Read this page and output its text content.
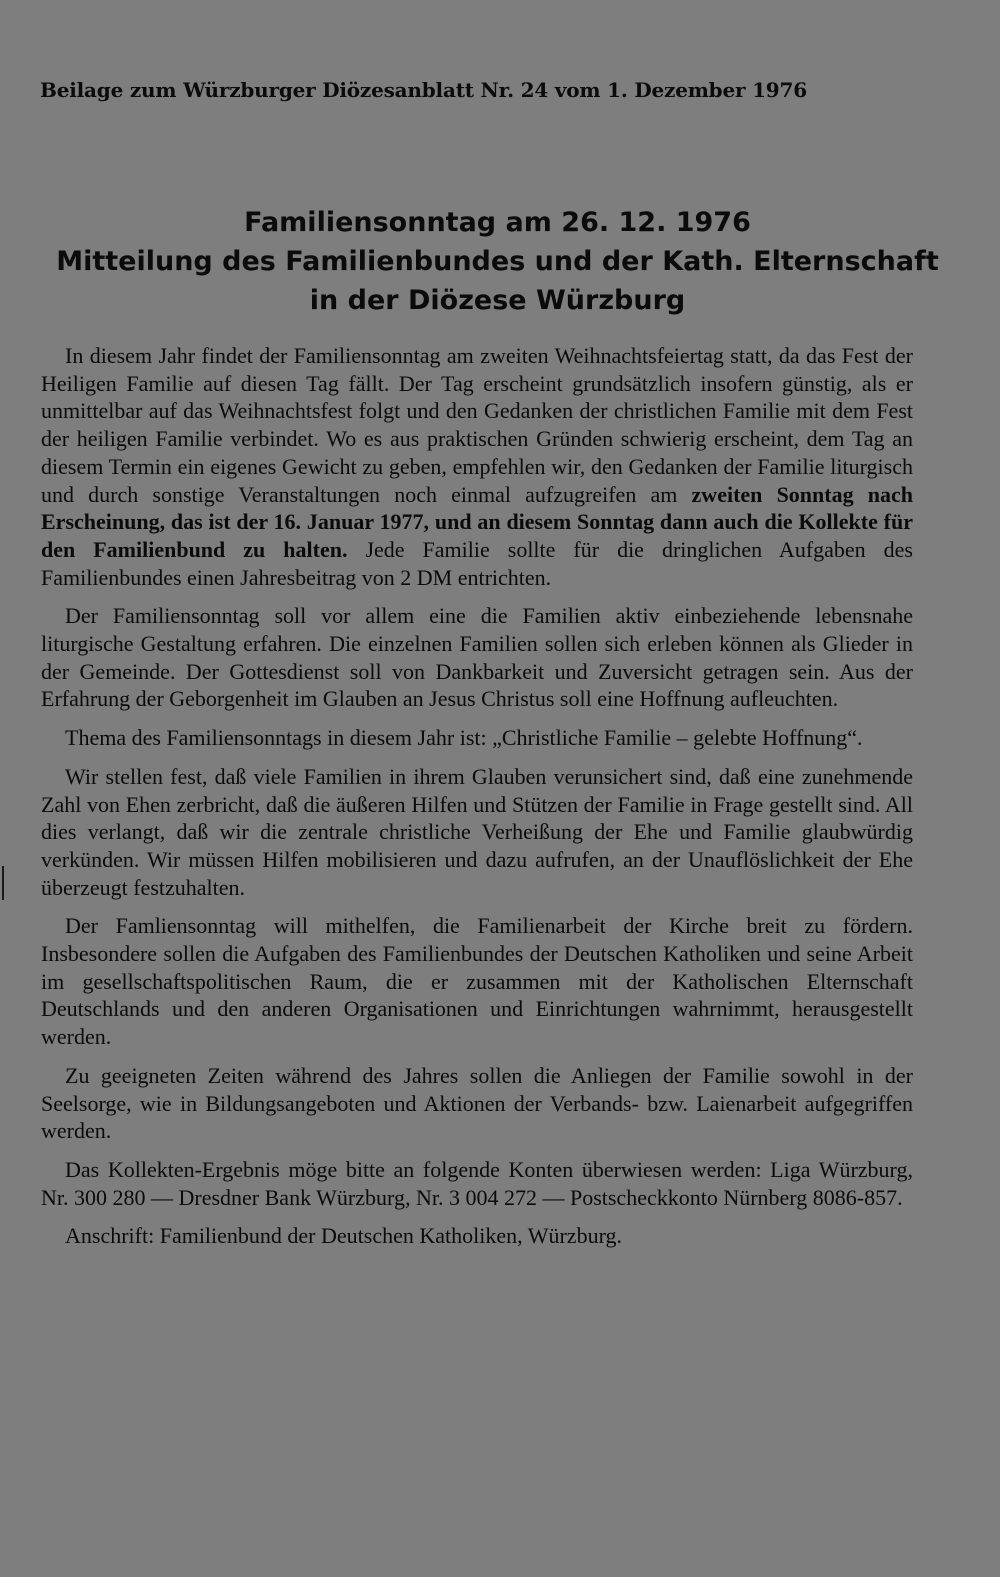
Beilage zum Würzburger Diözesanblatt Nr. 24 vom 1. Dezember 1976
Familiensonntag am 26. 12. 1976
Mitteilung des Familienbundes und der Kath. Elternschaft
in der Diözese Würzburg

In diesem Jahr findet der Familiensonntag am zweiten Weihnachtsfeiertag statt, da das Fest der Heiligen Familie auf diesen Tag fällt. Der Tag erscheint grundsätzlich insofern günstig, als er unmittelbar auf das Weihnachtsfest folgt und den Gedanken der christlichen Familie mit dem Fest der heiligen Familie verbindet. Wo es aus praktischen Gründen schwierig erscheint, dem Tag an diesem Termin ein eigenes Gewicht zu geben, empfehlen wir, den Gedanken der Familie liturgisch und durch sonstige Veranstaltungen noch einmal aufzugreifen am zweiten Sonntag nach Erscheinung, das ist der 16. Januar 1977, und an diesem Sonntag dann auch die Kollekte für den Familienbund zu halten. Jede Familie sollte für die dringlichen Aufgaben des Familienbundes einen Jahresbeitrag von 2 DM entrichten.

Der Familiensonntag soll vor allem eine die Familien aktiv einbeziehende lebensnahe liturgische Gestaltung erfahren. Die einzelnen Familien sollen sich erleben können als Glieder in der Gemeinde. Der Gottesdienst soll von Dankbarkeit und Zuversicht getragen sein. Aus der Erfahrung der Geborgenheit im Glauben an Jesus Christus soll eine Hoffnung aufleuchten.

Thema des Familiensonntags in diesem Jahr ist: „Christliche Familie – gelebte Hoffnung“.

Wir stellen fest, daß viele Familien in ihrem Glauben verunsichert sind, daß eine zunehmende Zahl von Ehen zerbricht, daß die äußeren Hilfen und Stützen der Familie in Frage gestellt sind. All dies verlangt, daß wir die zentrale christliche Verheißung der Ehe und Familie glaubwürdig verkünden. Wir müssen Hilfen mobilisieren und dazu aufrufen, an der Unauflöslichkeit der Ehe überzeugt festzuhalten.

Der Famliensonntag will mithelfen, die Familienarbeit der Kirche breit zu fördern. Insbesondere sollen die Aufgaben des Familienbundes der Deutschen Katholiken und seine Arbeit im gesellschaftspolitischen Raum, die er zusammen mit der Katholischen Elternschaft Deutschlands und den anderen Organisationen und Einrichtungen wahrnimmt, herausgestellt werden.

Zu geeigneten Zeiten während des Jahres sollen die Anliegen der Familie sowohl in der Seelsorge, wie in Bildungsangeboten und Aktionen der Verbands- bzw. Laienarbeit aufgegriffen werden.

Das Kollekten-Ergebnis möge bitte an folgende Konten überwiesen werden: Liga Würzburg, Nr. 300 280 — Dresdner Bank Würzburg, Nr. 3 004 272 — Postscheckkonto Nürnberg 8086-857.

Anschrift: Familienbund der Deutschen Katholiken, Würzburg.
